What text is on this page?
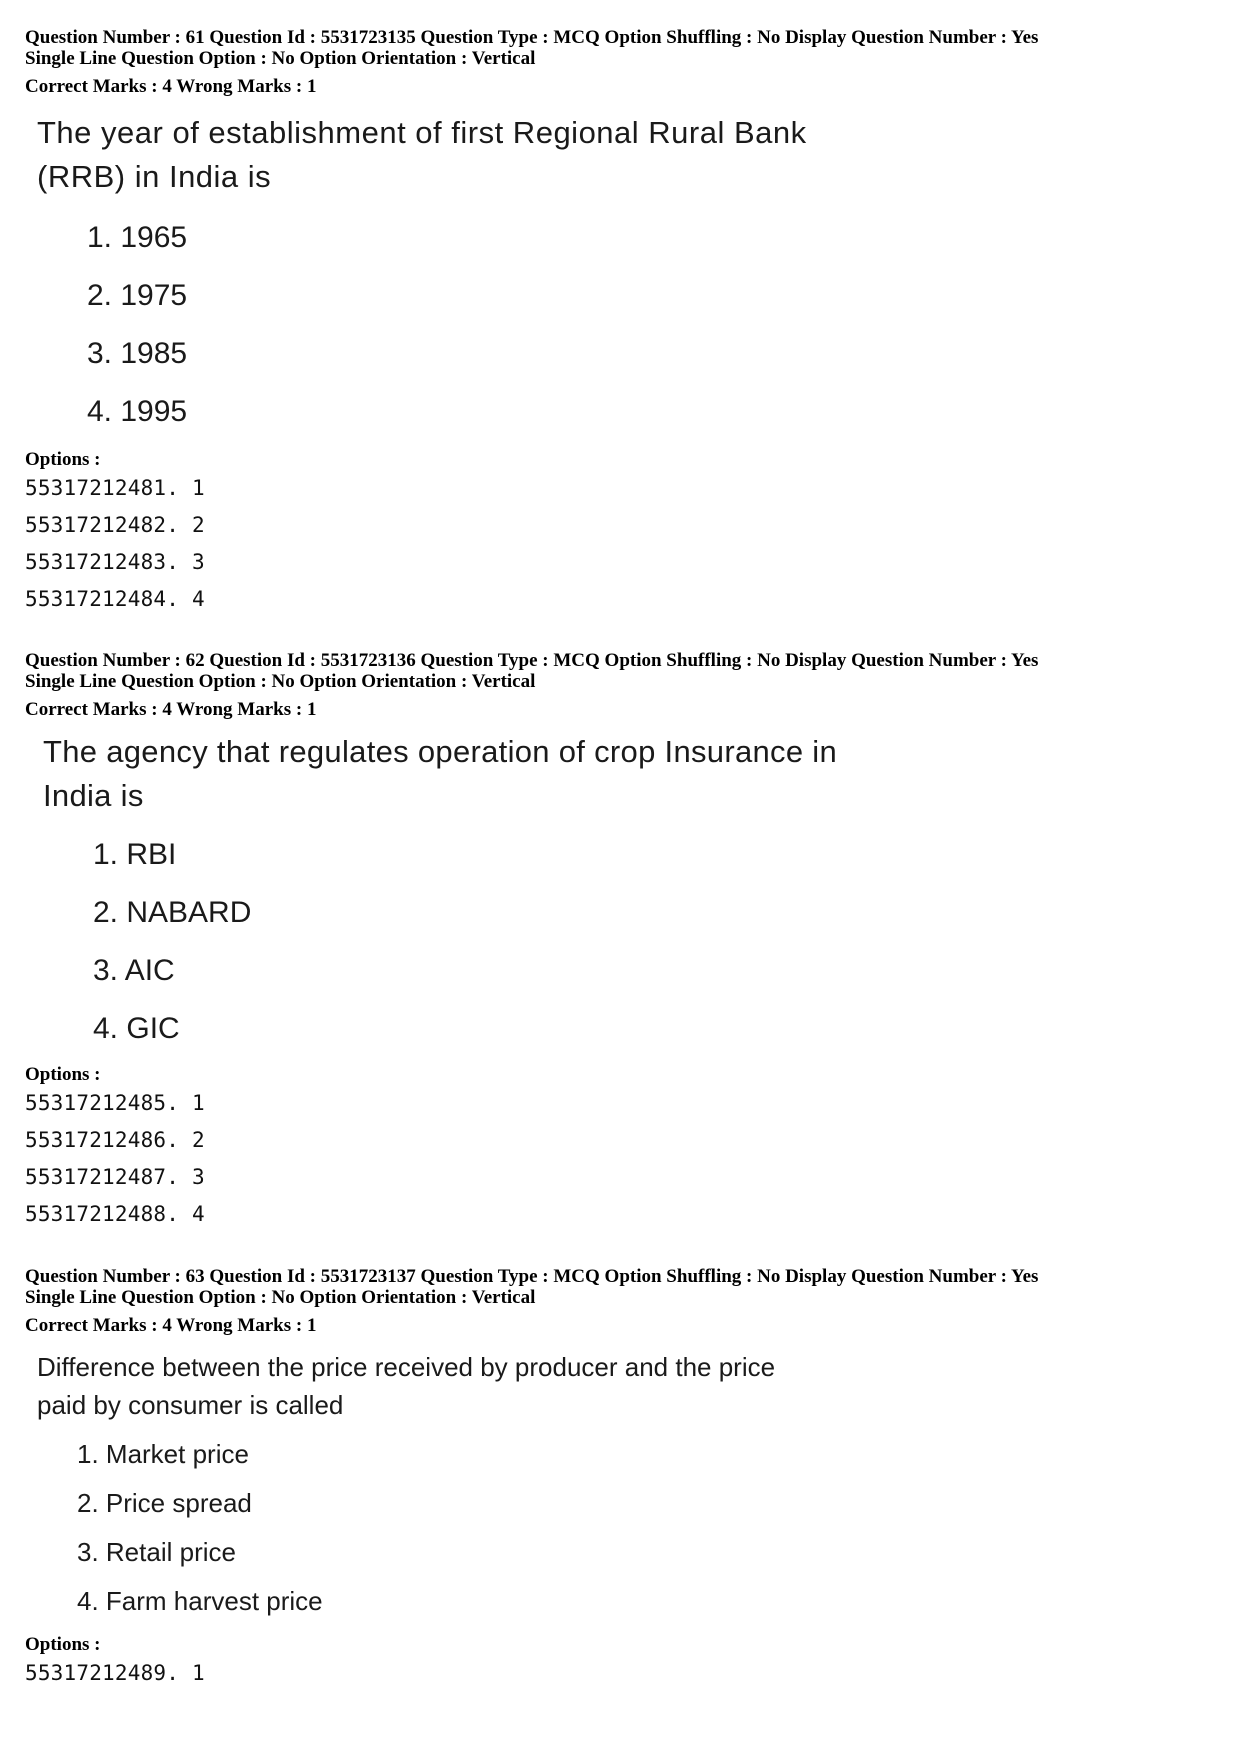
Question Number : 61 Question Id : 5531723135 Question Type : MCQ Option Shuffling : No Display Question Number : Yes

Single Line Question Option : No Option Orientation : Vertical

Correct Marks : 4 Wrong Marks : 1

The year of establishment of first Regional Rural Bank (RRB) in India is

1. 1965
2. 1975
3. 1985
4. 1995

Options :

55317212481. 1
55317212482. 2
55317212483. 3
55317212484. 4

Question Number : 62 Question Id : 5531723136 Question Type : MCQ Option Shuffling : No Display Question Number : Yes

Single Line Question Option : No Option Orientation : Vertical

Correct Marks : 4 Wrong Marks : 1

The agency that regulates operation of crop Insurance in India is

1. RBI
2. NABARD
3. AIC
4. GIC

Options :

55317212485. 1
55317212486. 2
55317212487. 3
55317212488. 4

Question Number : 63 Question Id : 5531723137 Question Type : MCQ Option Shuffling : No Display Question Number : Yes

Single Line Question Option : No Option Orientation : Vertical

Correct Marks : 4 Wrong Marks : 1

Difference between the price received by producer and the price paid by consumer is called

1. Market price
2. Price spread
3. Retail price
4. Farm harvest price

Options :

55317212489. 1
